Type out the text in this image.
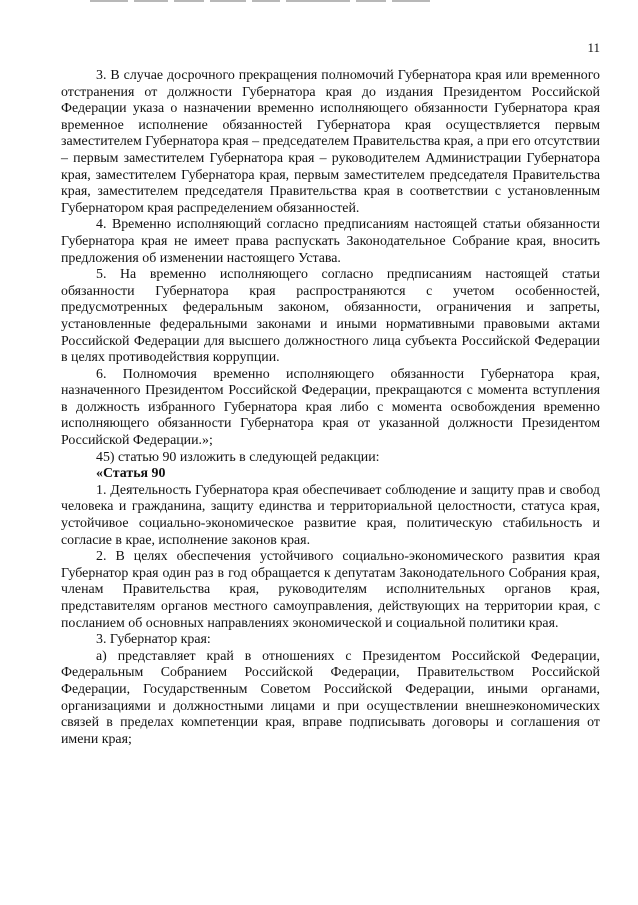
11

3. В случае досрочного прекращения полномочий Губернатора края или временного отстранения от должности Губернатора края до издания Президентом Российской Федерации указа о назначении временно исполняющего обязанности Губернатора края временное исполнение обязанностей Губернатора края осуществляется первым заместителем Губернатора края – председателем Правительства края, а при его отсутствии – первым заместителем Губернатора края – руководителем Администрации Губернатора края, заместителем Губернатора края, первым заместителем председателя Правительства края, заместителем председателя Правительства края в соответствии с установленным Губернатором края распределением обязанностей.

4. Временно исполняющий согласно предписаниям настоящей статьи обязанности Губернатора края не имеет права распускать Законодательное Собрание края, вносить предложения об изменении настоящего Устава.

5. На временно исполняющего согласно предписаниям настоящей статьи обязанности Губернатора края распространяются с учетом особенностей, предусмотренных федеральным законом, обязанности, ограничения и запреты, установленные федеральными законами и иными нормативными правовыми актами Российской Федерации для высшего должностного лица субъекта Российской Федерации в целях противодействия коррупции.

6. Полномочия временно исполняющего обязанности Губернатора края, назначенного Президентом Российской Федерации, прекращаются с момента вступления в должность избранного Губернатора края либо с момента освобождения временно исполняющего обязанности Губернатора края от указанной должности Президентом Российской Федерации.»;

45) статью 90 изложить в следующей редакции:

«Статья 90

1. Деятельность Губернатора края обеспечивает соблюдение и защиту прав и свобод человека и гражданина, защиту единства и территориальной целостности, статуса края, устойчивое социально-экономическое развитие края, политическую стабильность и согласие в крае, исполнение законов края.

2. В целях обеспечения устойчивого социально-экономического развития края Губернатор края один раз в год обращается к депутатам Законодательного Собрания края, членам Правительства края, руководителям исполнительных органов края, представителям органов местного самоуправления, действующих на территории края, с посланием об основных направлениях экономической и социальной политики края.

3. Губернатор края:

а) представляет край в отношениях с Президентом Российской Федерации, Федеральным Собранием Российской Федерации, Правительством Российской Федерации, Государственным Советом Российской Федерации, иными органами, организациями и должностными лицами и при осуществлении внешнеэкономических связей в пределах компетенции края, вправе подписывать договоры и соглашения от имени края;
